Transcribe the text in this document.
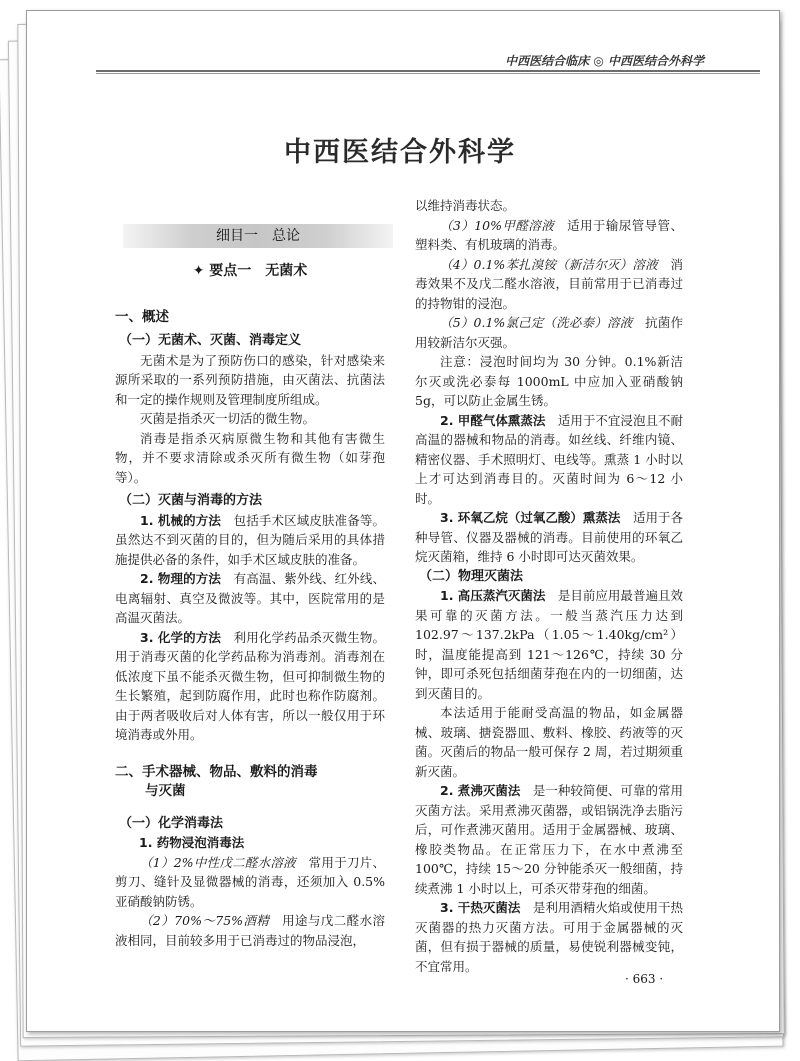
中西医结合临床 ◎ 中西医结合外科学
中西医结合外科学
细目一　总论
✦ 要点一　无菌术

一、概述

（一）无菌术、灭菌、消毒定义

无菌术是为了预防伤口的感染，针对感染来源所采取的一系列预防措施，由灭菌法、抗菌法和一定的操作规则及管理制度所组成。

灭菌是指杀灭一切活的微生物。

消毒是指杀灭病原微生物和其他有害微生物，并不要求清除或杀灭所有微生物（如芽孢等）。

（二）灭菌与消毒的方法

1. 机械的方法　 包括手术区域皮肤准备等。虽然达不到灭菌的目的，但为随后采用的具体措施提供必备的条件，如手术区域皮肤的准备。

2. 物理的方法　 有高温、紫外线、红外线、电离辐射、真空及微波等。其中，医院常用的是高温灭菌法。

3. 化学的方法　 利用化学药品杀灭微生物。用于消毒灭菌的化学药品称为消毒剂。消毒剂在低浓度下虽不能杀灭微生物，但可抑制微生物的生长繁殖，起到防腐作用，此时也称作防腐剂。由于两者吸收后对人体有害，所以一般仅用于环境消毒或外用。

二、手术器械、物品、敷料的消毒

与灭菌

（一）化学消毒法

1. 药物浸泡消毒法

（1）2%中性戊二醛水溶液　 常用于刀片、剪刀、缝针及显微器械的消毒，还须加入 0.5%亚硝酸钠防锈。

（2）70%～75%酒精　 用途与戊二醛水溶液相同，目前较多用于已消毒过的物品浸泡，

以维持消毒状态。

（3）10%甲醛溶液　 适用于输尿管导管、塑料类、有机玻璃的消毒。

（4）0.1%苯扎溴铵（新洁尔灭）溶液　 消毒效果不及戊二醛水溶液，目前常用于已消毒过的持物钳的浸泡。

（5）0.1%氯己定（洗必泰）溶液　 抗菌作用较新洁尔灭强。

注意：浸泡时间均为 30 分钟。0.1%新洁尔灭或洗必泰每 1000mL 中应加入亚硝酸钠 5g，可以防止金属生锈。

2. 甲醛气体熏蒸法　 适用于不宜浸泡且不耐高温的器械和物品的消毒。如丝线、纤维内镜、精密仪器、手术照明灯、电线等。熏蒸 1 小时以上才可达到消毒目的。灭菌时间为 6～12 小时。

3. 环氧乙烷（过氧乙酸）熏蒸法　 适用于各种导管、仪器及器械的消毒。目前使用的环氧乙烷灭菌箱，维持 6 小时即可达灭菌效果。

（二）物理灭菌法

1. 高压蒸汽灭菌法　 是目前应用最普遍且效果可靠的灭菌方法。一般当蒸汽压力达到 102.97～137.2kPa（1.05～1.40kg/cm²）时，温度能提高到 121～126℃，持续 30 分钟，即可杀死包括细菌芽孢在内的一切细菌，达到灭菌目的。

本法适用于能耐受高温的物品，如金属器械、玻璃、搪瓷器皿、敷料、橡胶、药液等的灭菌。灭菌后的物品一般可保存 2 周，若过期须重新灭菌。

2. 煮沸灭菌法　 是一种较简便、可靠的常用灭菌方法。采用煮沸灭菌器，或铝锅洗净去脂污后，可作煮沸灭菌用。适用于金属器械、玻璃、橡胶类物品。在正常压力下，在水中煮沸至 100℃，持续 15～20 分钟能杀灭一般细菌，持续煮沸 1 小时以上，可杀灭带芽孢的细菌。

3. 干热灭菌法　 是利用酒精火焰或使用干热灭菌器的热力灭菌方法。可用于金属器械的灭菌，但有损于器械的质量，易使锐利器械变钝，不宜常用。

· 663 ·
